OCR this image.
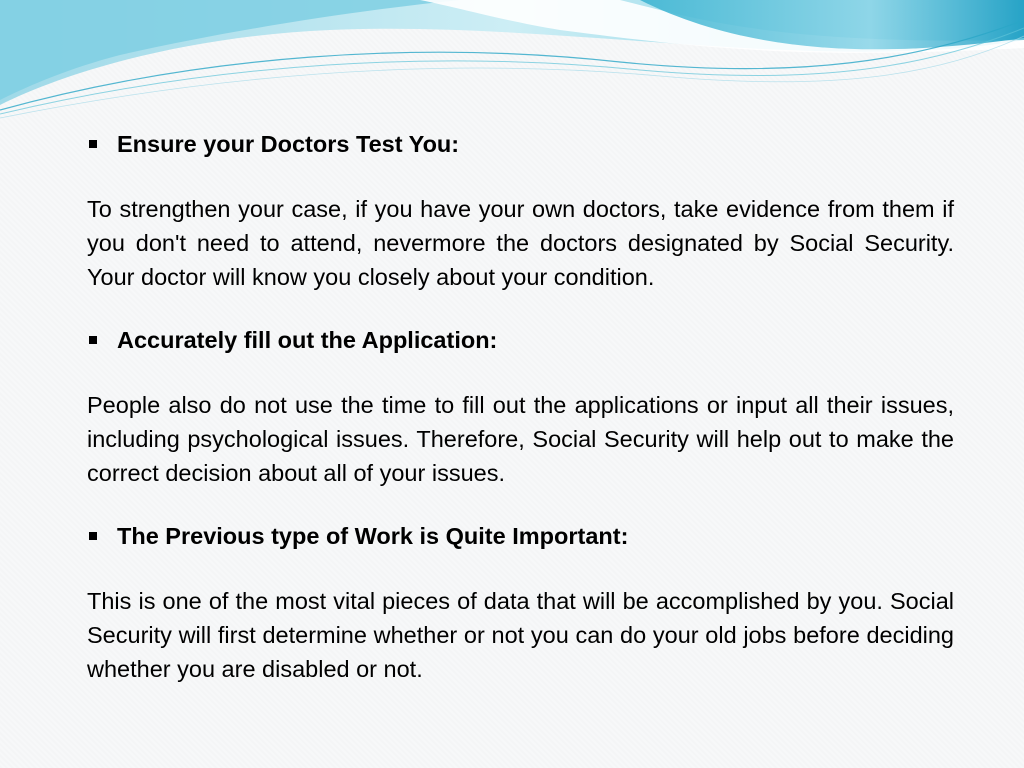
Ensure your Doctors Test You:

To strengthen your case, if you have your own doctors, take evidence from them if you don't need to attend, nevermore the doctors designated by Social Security. Your doctor will know you closely about your condition.

Accurately fill out the Application:

People also do not use the time to fill out the applications or input all their issues, including psychological issues. Therefore, Social Security will help out to make the correct decision about all of your issues.

The Previous type of Work is Quite Important:

This is one of the most vital pieces of data that will be accomplished by you. Social Security will first determine whether or not you can do your old jobs before deciding whether you are disabled or not.
